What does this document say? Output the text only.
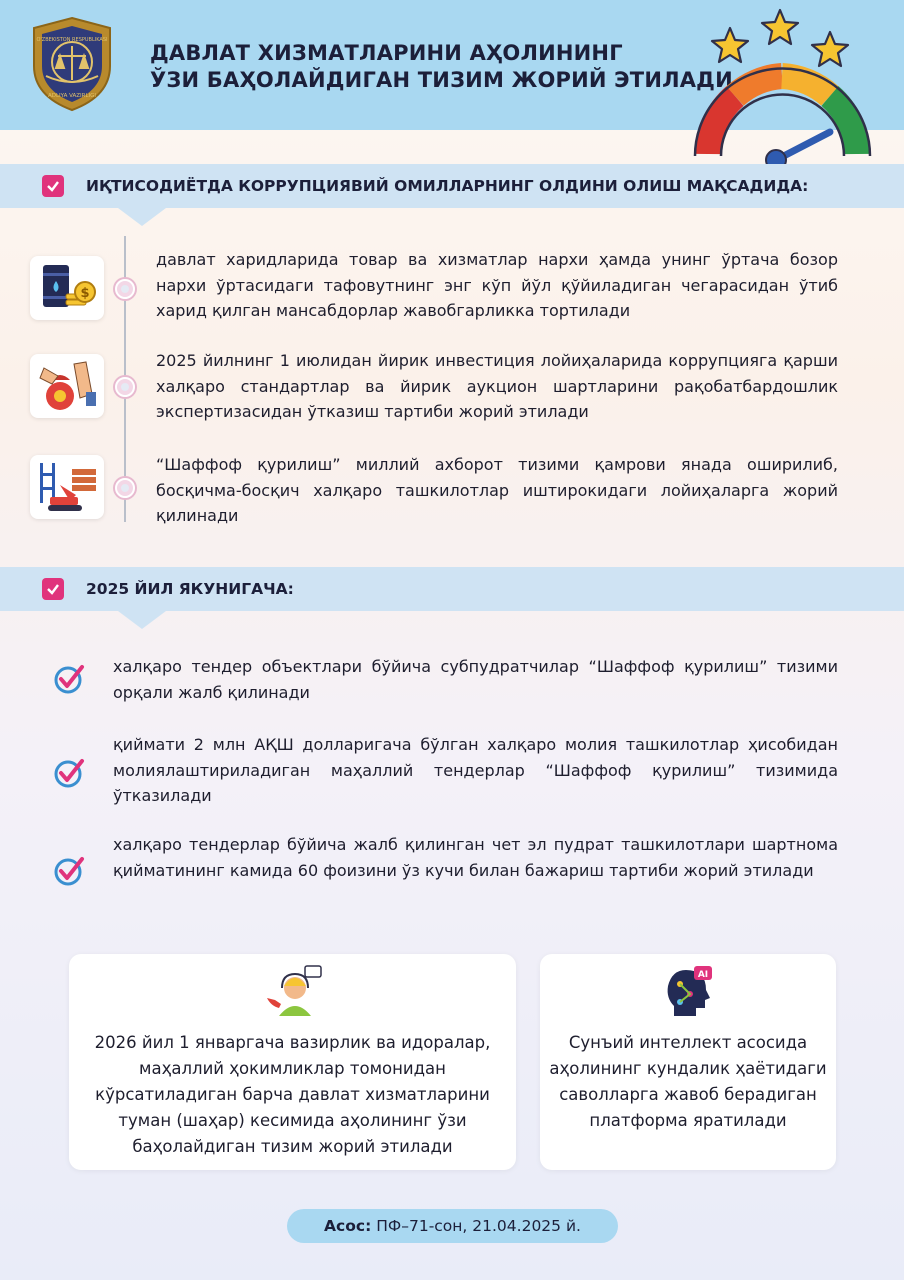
O'ZBEKISTON RESPUBLIKASI
ADLIYA VAZIRLIGI
ДАВЛАТ ХИЗМАТЛАРИНИ АҲОЛИНИНГ
ЎЗИ БАҲОЛАЙДИГАН ТИЗИМ ЖОРИЙ ЭТИЛАДИ
ИҚТИСОДИЁТДА КОРРУПЦИЯВИЙ ОМИЛЛАРНИНГ ОЛДИНИ ОЛИШ МАҚСАДИДА:
$
давлат харидларида товар ва хизматлар нархи ҳамда унинг ўртача бозор нархи ўртасидаги тафовутнинг энг кўп йўл қўйиладиган чегарасидан ўтиб харид қилган мансабдорлар жавобгарликка тортилади
2025 йилнинг 1 июлидан йирик инвестиция лойиҳаларида коррупцияга қарши халқаро стандартлар ва йирик аукцион шартларини рақобатбардошлик экспертизасидан ўтказиш тартиби жорий этилади
“Шаффоф қурилиш” миллий ахборот тизими қамрови янада оширилиб, босқичма-босқич халқаро ташкилотлар иштирокидаги лойиҳаларга жорий қилинади
2025 ЙИЛ ЯКУНИГАЧА:
халқаро тендер объектлари бўйича субпудратчилар “Шаффоф қурилиш” тизими орқали жалб қилинади
қиймати 2 млн АҚШ долларигача бўлган халқаро молия ташкилотлар ҳисобидан молиялаштириладиган маҳаллий тендерлар “Шаффоф қурилиш” тизимида ўтказилади
халқаро тендерлар бўйича жалб қилинган чет эл пудрат ташкилотлари шартнома қийматининг камида 60 фоизини ўз кучи билан бажариш тартиби жорий этилади
2026 йил 1 январгача вазирлик ва идоралар, маҳаллий ҳокимликлар томонидан кўрсатиладиган барча давлат хизматларини туман (шаҳар) кесимида аҳолининг ўзи баҳолайдиган тизим жорий этилади
AI
Сунъий интеллект асосида аҳолининг кундалик ҳаётидаги саволларга жавоб берадиган платформа яратилади
Асос: ПФ–71-сон, 21.04.2025 й.
